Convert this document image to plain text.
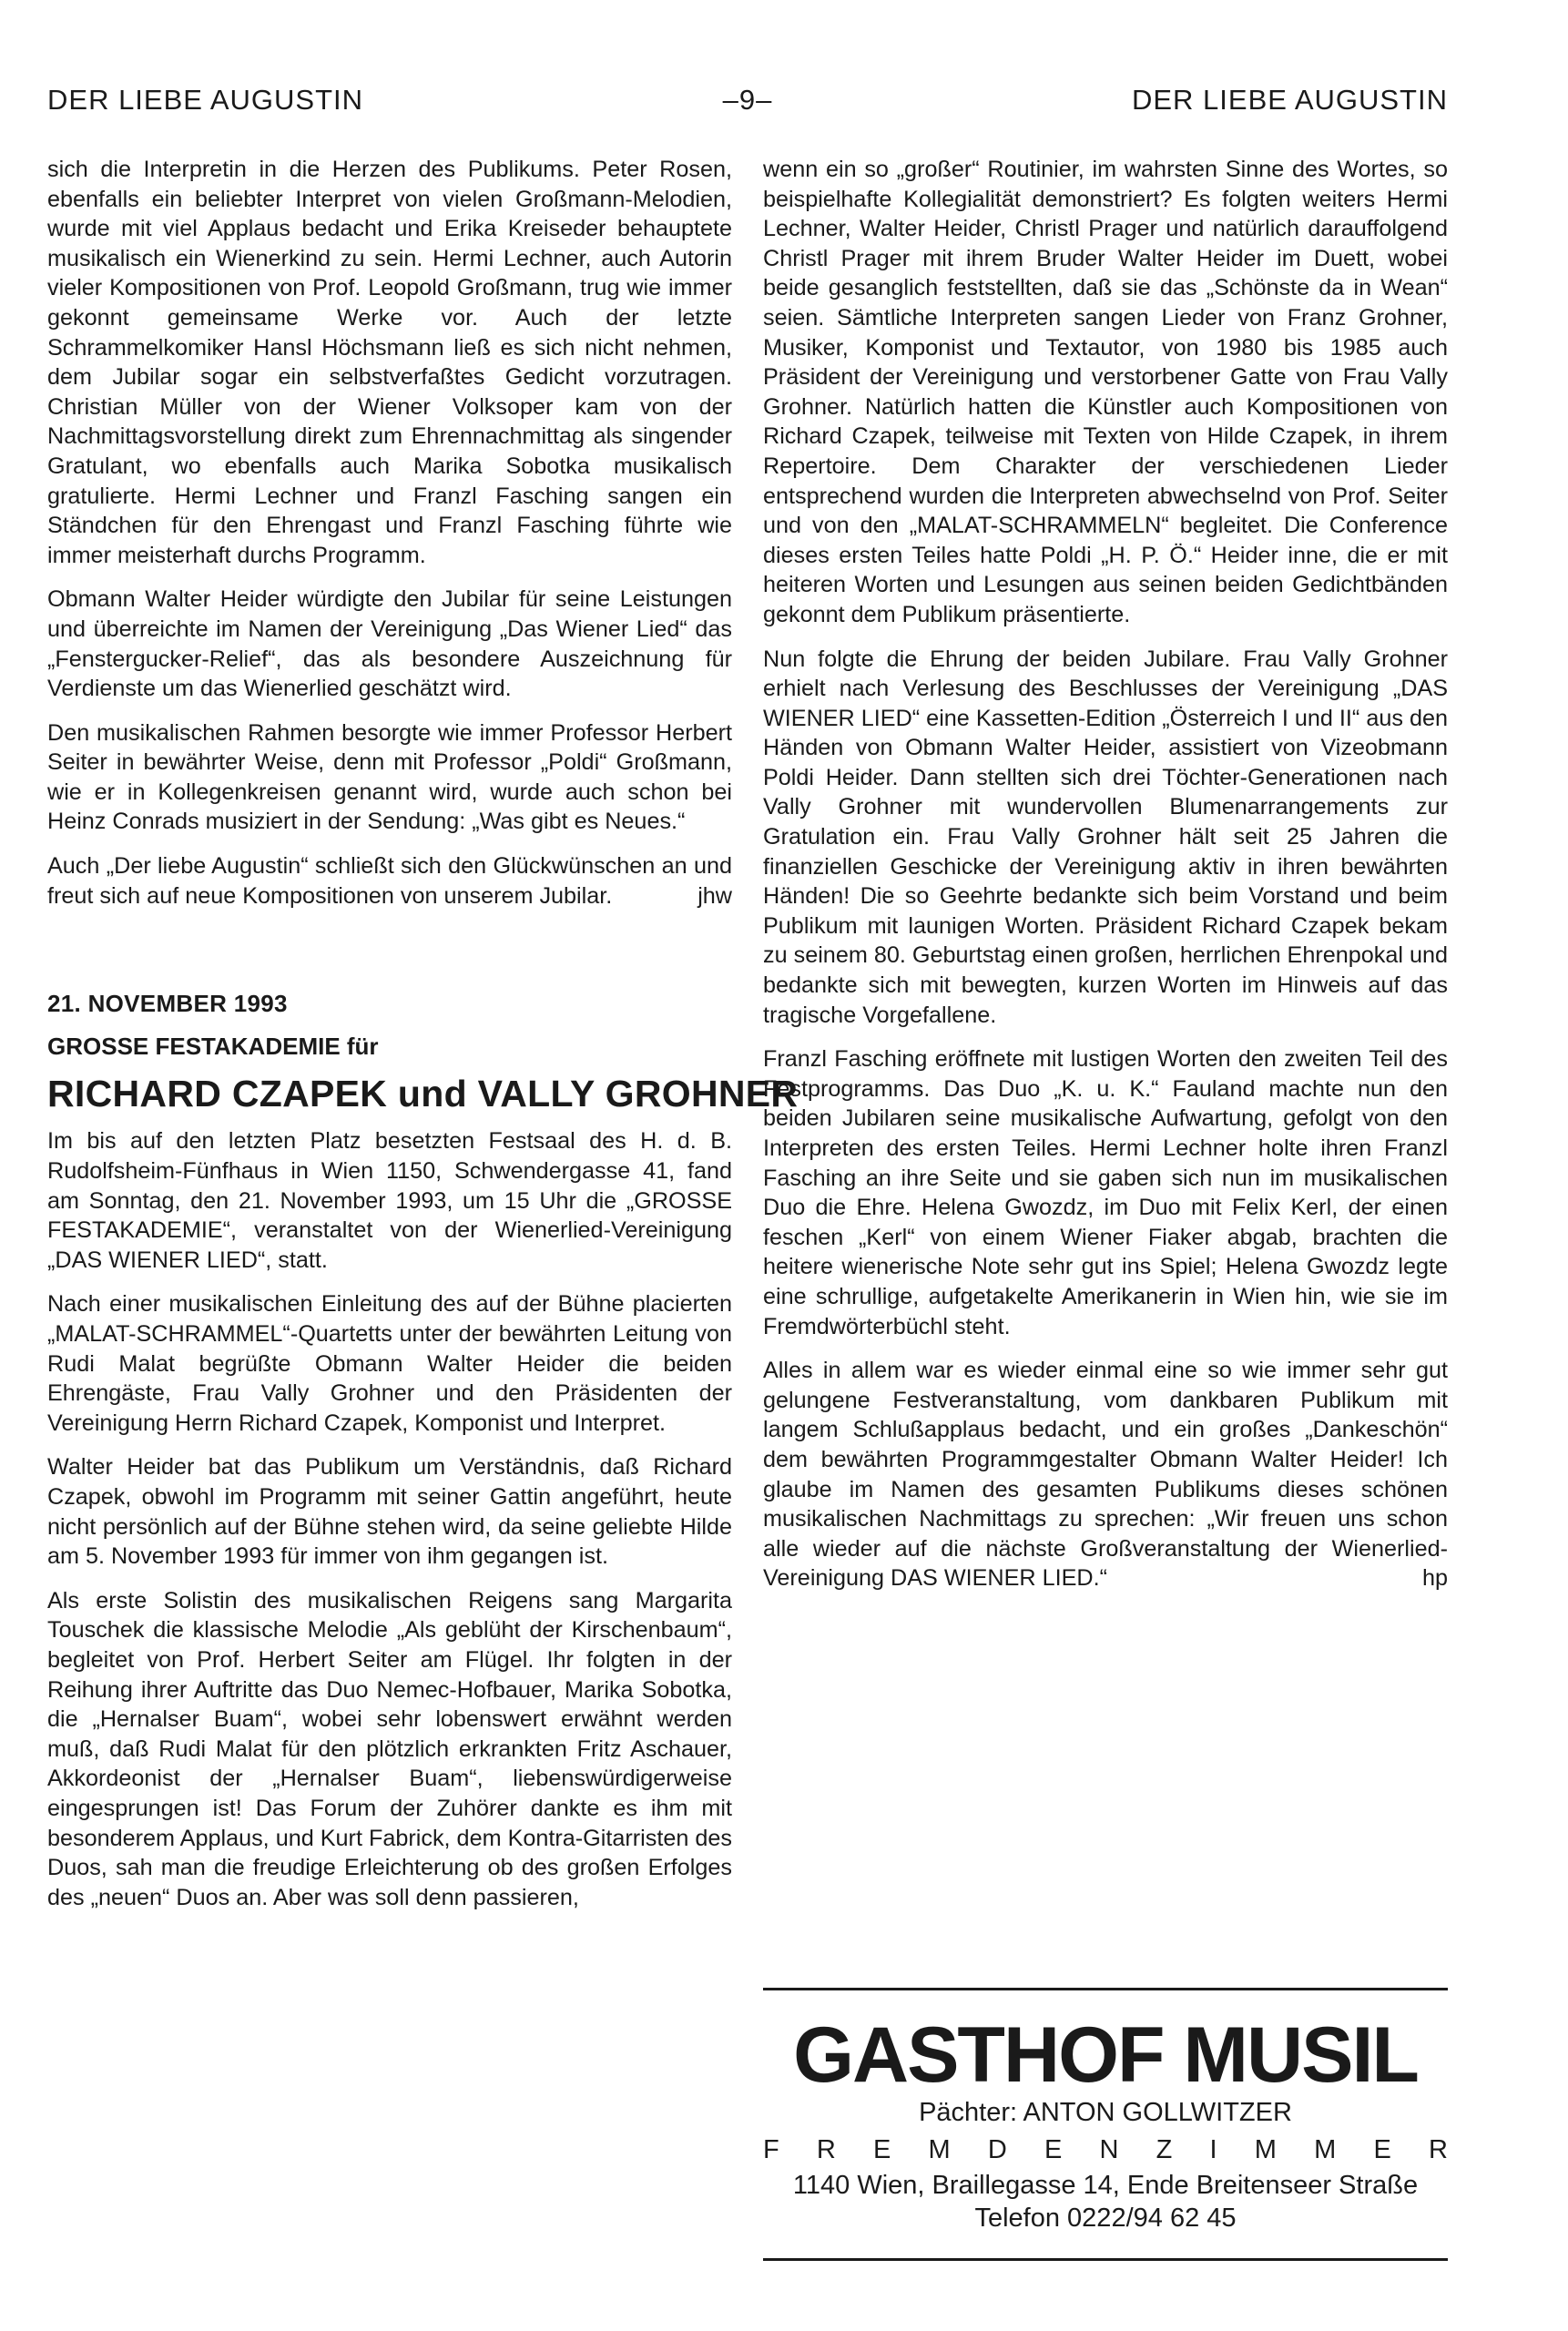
DER LIEBE AUGUSTIN	–9–	DER LIEBE AUGUSTIN

sich die Interpretin in die Herzen des Publikums. Peter Rosen, ebenfalls ein beliebter Interpret von vielen Großmann-Melodien, wurde mit viel Applaus bedacht und Erika Kreiseder behauptete musikalisch ein Wienerkind zu sein. Hermi Lechner, auch Autorin vieler Kompositionen von Prof. Leopold Großmann, trug wie immer gekonnt gemeinsame Werke vor. Auch der letzte Schrammelkomiker Hansl Höchsmann ließ es sich nicht nehmen, dem Jubilar sogar ein selbstverfaßtes Gedicht vorzutragen. Christian Müller von der Wiener Volksoper kam von der Nachmittagsvorstellung direkt zum Ehrennachmittag als singender Gratulant, wo ebenfalls auch Marika Sobotka musikalisch gratulierte. Hermi Lechner und Franzl Fasching sangen ein Ständchen für den Ehrengast und Franzl Fasching führte wie immer meisterhaft durchs Programm.

Obmann Walter Heider würdigte den Jubilar für seine Leistungen und überreichte im Namen der Vereinigung „Das Wiener Lied“ das „Fenstergucker-Relief“, das als besondere Auszeichnung für Verdienste um das Wienerlied geschätzt wird.

Den musikalischen Rahmen besorgte wie immer Professor Herbert Seiter in bewährter Weise, denn mit Professor „Poldi“ Großmann, wie er in Kollegenkreisen genannt wird, wurde auch schon bei Heinz Conrads musiziert in der Sendung: „Was gibt es Neues.“

Auch „Der liebe Augustin“ schließt sich den Glückwünschen an und freut sich auf neue Kompositionen von unserem Jubilar.	jhw

21. NOVEMBER 1993
GROSSE FESTAKADEMIE für
RICHARD CZAPEK und VALLY GROHNER

Im bis auf den letzten Platz besetzten Festsaal des H. d. B. Rudolfsheim-Fünfhaus in Wien 1150, Schwendergasse 41, fand am Sonntag, den 21. November 1993, um 15 Uhr die „GROSSE FESTAKADEMIE“, veranstaltet von der Wienerlied-Vereinigung „DAS WIENER LIED“, statt.

Nach einer musikalischen Einleitung des auf der Bühne placierten „MALAT-SCHRAMMEL“-Quartetts unter der bewährten Leitung von Rudi Malat begrüßte Obmann Walter Heider die beiden Ehrengäste, Frau Vally Grohner und den Präsidenten der Vereinigung Herrn Richard Czapek, Komponist und Interpret.

Walter Heider bat das Publikum um Verständnis, daß Richard Czapek, obwohl im Programm mit seiner Gattin angeführt, heute nicht persönlich auf der Bühne stehen wird, da seine geliebte Hilde am 5. November 1993 für immer von ihm gegangen ist.

Als erste Solistin des musikalischen Reigens sang Margarita Touschek die klassische Melodie „Als geblüht der Kirschenbaum“, begleitet von Prof. Herbert Seiter am Flügel. Ihr folgten in der Reihung ihrer Auftritte das Duo Nemec-Hofbauer, Marika Sobotka, die „Hernalser Buam“, wobei sehr lobenswert erwähnt werden muß, daß Rudi Malat für den plötzlich erkrankten Fritz Aschauer, Akkordeonist der „Hernalser Buam“, liebenswürdigerweise eingesprungen ist! Das Forum der Zuhörer dankte es ihm mit besonderem Applaus, und Kurt Fabrick, dem Kontra-Gitarristen des Duos, sah man die freudige Erleichterung ob des großen Erfolges des „neuen“ Duos an. Aber was soll denn passieren,

wenn ein so „großer“ Routinier, im wahrsten Sinne des Wortes, so beispielhafte Kollegialität demonstriert? Es folgten weiters Hermi Lechner, Walter Heider, Christl Prager und natürlich darauffolgend Christl Prager mit ihrem Bruder Walter Heider im Duett, wobei beide gesanglich feststellten, daß sie das „Schönste da in Wean“ seien. Sämtliche Interpreten sangen Lieder von Franz Grohner, Musiker, Komponist und Textautor, von 1980 bis 1985 auch Präsident der Vereinigung und verstorbener Gatte von Frau Vally Grohner. Natürlich hatten die Künstler auch Kompositionen von Richard Czapek, teilweise mit Texten von Hilde Czapek, in ihrem Repertoire. Dem Charakter der verschiedenen Lieder entsprechend wurden die Interpreten abwechselnd von Prof. Seiter und von den „MALAT-SCHRAMMELN“ begleitet. Die Conference dieses ersten Teiles hatte Poldi „H. P. Ö.“ Heider inne, die er mit heiteren Worten und Lesungen aus seinen beiden Gedichtbänden gekonnt dem Publikum präsentierte.

Nun folgte die Ehrung der beiden Jubilare. Frau Vally Grohner erhielt nach Verlesung des Beschlusses der Vereinigung „DAS WIENER LIED“ eine Kassetten-Edition „Österreich I und II“ aus den Händen von Obmann Walter Heider, assistiert von Vizeobmann Poldi Heider. Dann stellten sich drei Töchter-Generationen nach Vally Grohner mit wundervollen Blumenarrangements zur Gratulation ein. Frau Vally Grohner hält seit 25 Jahren die finanziellen Geschicke der Vereinigung aktiv in ihren bewährten Händen! Die so Geehrte bedankte sich beim Vorstand und beim Publikum mit launigen Worten. Präsident Richard Czapek bekam zu seinem 80. Geburtstag einen großen, herrlichen Ehrenpokal und bedankte sich mit bewegten, kurzen Worten im Hinweis auf das tragische Vorgefallene.

Franzl Fasching eröffnete mit lustigen Worten den zweiten Teil des Festprogramms. Das Duo „K. u. K.“ Fauland machte nun den beiden Jubilaren seine musikalische Aufwartung, gefolgt von den Interpreten des ersten Teiles. Hermi Lechner holte ihren Franzl Fasching an ihre Seite und sie gaben sich nun im musikalischen Duo die Ehre. Helena Gwozdz, im Duo mit Felix Kerl, der einen feschen „Kerl“ von einem Wiener Fiaker abgab, brachten die heitere wienerische Note sehr gut ins Spiel; Helena Gwozdz legte eine schrullige, aufgetakelte Amerikanerin in Wien hin, wie sie im Fremdwörterbüchl steht.

Alles in allem war es wieder einmal eine so wie immer sehr gut gelungene Festveranstaltung, vom dankbaren Publikum mit langem Schlußapplaus bedacht, und ein großes „Dankeschön“ dem bewährten Programmgestalter Obmann Walter Heider! Ich glaube im Namen des gesamten Publikums dieses schönen musikalischen Nachmittags zu sprechen: „Wir freuen uns schon alle wieder auf die nächste Großveranstaltung der Wienerlied-Vereinigung DAS WIENER LIED.“	hp

GASTHOF MUSIL
Pächter: ANTON GOLLWITZER
F R E M D E N Z I M M E R
1140 Wien, Braillegasse 14, Ende Breitenseer Straße
Telefon 0222/94 62 45
